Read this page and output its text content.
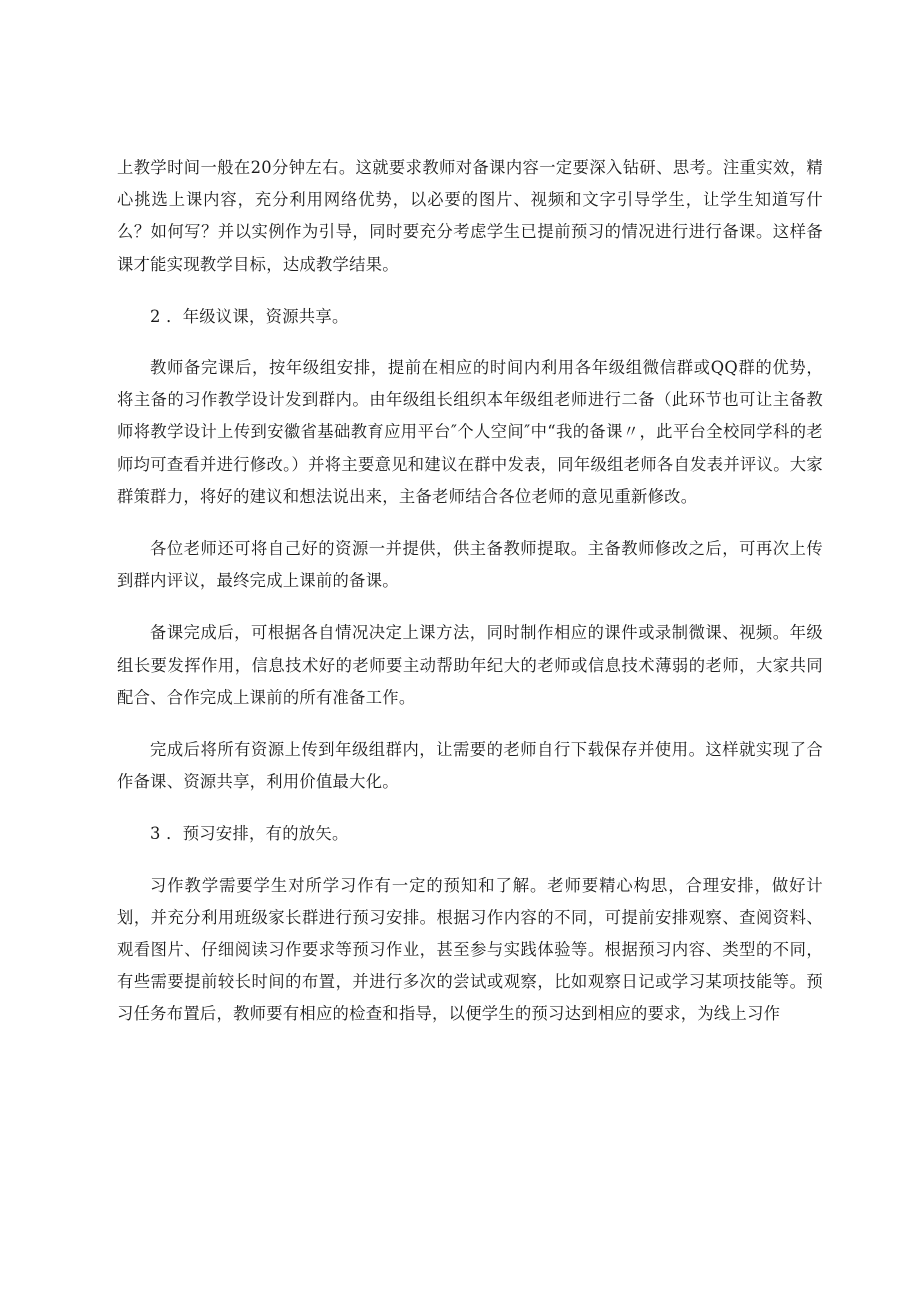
上教学时间一般在20分钟左右。这就要求教师对备课内容一定要深入钻研、思考。注重实效，精心挑选上课内容，充分利用网络优势，以必要的图片、视频和文字引导学生，让学生知道写什么？如何写？并以实例作为引导，同时要充分考虑学生已提前预习的情况进行进行备课。这样备课才能实现教学目标，达成教学结果。

2 ．年级议课，资源共享。

教师备完课后，按年级组安排，提前在相应的时间内利用各年级组微信群或QQ群的优势，将主备的习作教学设计发到群内。由年级组长组织本年级组老师进行二备（此环节也可让主备教师将教学设计上传到安徽省基础教育应用平台″个人空间″中“我的备课〃，此平台全校同学科的老师均可查看并进行修改。）并将主要意见和建议在群中发表，同年级组老师各自发表并评议。大家群策群力，将好的建议和想法说出来，主备老师结合各位老师的意见重新修改。

各位老师还可将自己好的资源一并提供，供主备教师提取。主备教师修改之后，可再次上传到群内评议，最终完成上课前的备课。

备课完成后，可根据各自情况决定上课方法，同时制作相应的课件或录制微课、视频。年级组长要发挥作用，信息技术好的老师要主动帮助年纪大的老师或信息技术薄弱的老师，大家共同配合、合作完成上课前的所有准备工作。

完成后将所有资源上传到年级组群内，让需要的老师自行下载保存并使用。这样就实现了合作备课、资源共享，利用价值最大化。

3 ．预习安排，有的放矢。

习作教学需要学生对所学习作有一定的预知和了解。老师要精心构思，合理安排，做好计划，并充分利用班级家长群进行预习安排。根据习作内容的不同，可提前安排观察、查阅资料、观看图片、仔细阅读习作要求等预习作业，甚至参与实践体验等。根据预习内容、类型的不同，有些需要提前较长时间的布置，并进行多次的尝试或观察，比如观察日记或学习某项技能等。预习任务布置后，教师要有相应的检查和指导，以便学生的预习达到相应的要求，为线上习作
